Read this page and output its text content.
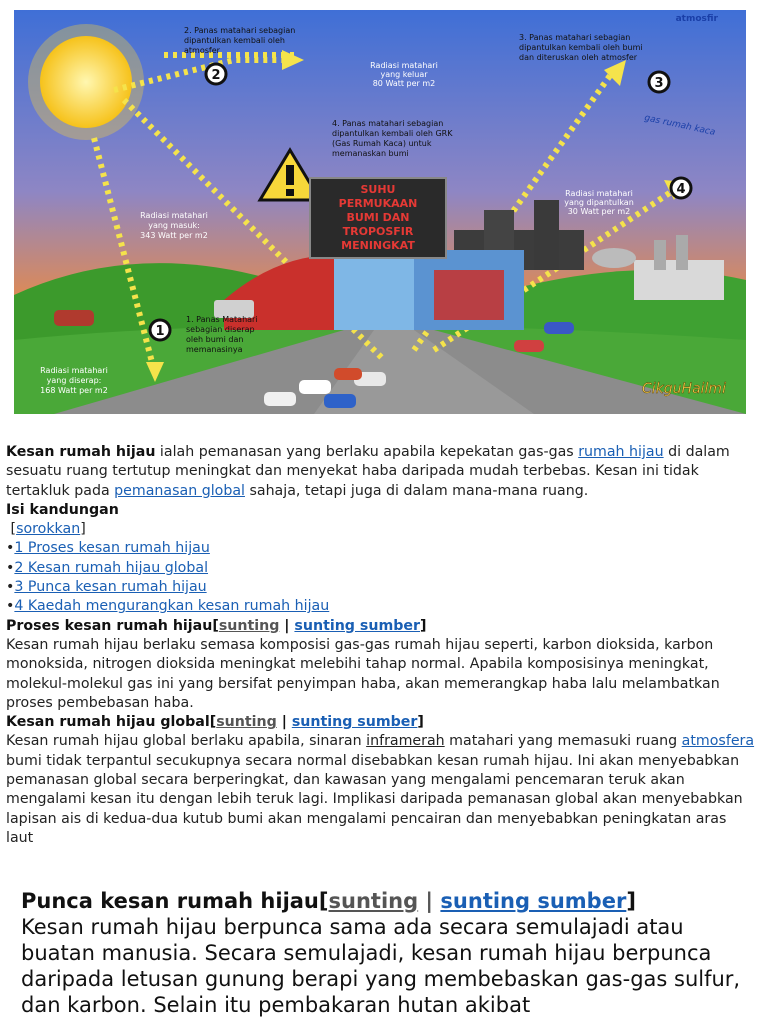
SUHU
PERMUKAAN
BUMI DAN
TROPOSFIR
MENINGKAT
2
3
4
1
atmosfir
2. Panas matahari sebagian
dipantulkan kembali oleh
atmosfer
3. Panas matahari sebagian
dipantulkan kembali oleh bumi
dan diteruskan oleh atmosfer
Radiasi matahari
yang keluar
80 Watt per m2
4. Panas matahari sebagian
dipantulkan kembali oleh GRK
(Gas Rumah Kaca) untuk
memanaskan bumi
gas rumah kaca
Radiasi matahari
yang masuk:
343 Watt per m2
Radiasi matahari
yang dipantulkan
30 Watt per m2
1. Panas Matahari
sebagian diserap
oleh bumi dan
memanasinya
Radiasi matahari
yang diserap:
168 Watt per m2	CikguHailmi

Kesan rumah hijau ialah pemanasan yang berlaku apabila kepekatan gas-gas rumah hijau di dalam sesuatu ruang tertutup meningkat dan menyekat haba daripada mudah terbebas. Kesan ini tidak tertakluk pada pemanasan global sahaja, tetapi juga di dalam mana-mana ruang.

Isi kandungan

[sorokkan]

•1 Proses kesan rumah hijau

•2 Kesan rumah hijau global

•3 Punca kesan rumah hijau

•4 Kaedah mengurangkan kesan rumah hijau

Proses kesan rumah hijau[sunting | sunting sumber]

Kesan rumah hijau berlaku semasa komposisi gas-gas rumah hijau seperti, karbon dioksida, karbon monoksida, nitrogen dioksida meningkat melebihi tahap normal. Apabila komposisinya meningkat, molekul-molekul gas ini yang bersifat penyimpan haba, akan memerangkap haba lalu melambatkan proses pembebasan haba.

Kesan rumah hijau global[sunting | sunting sumber]

Kesan rumah hijau global berlaku apabila, sinaran inframerah matahari yang memasuki ruang atmosfera bumi tidak terpantul secukupnya secara normal disebabkan kesan rumah hijau. Ini akan menyebabkan pemanasan global secara berperingkat, dan kawasan yang mengalami pencemaran teruk akan mengalami kesan itu dengan lebih teruk lagi. Implikasi daripada pemanasan global akan menyebabkan lapisan ais di kedua-dua kutub bumi akan mengalami pencairan dan menyebabkan peningkatan aras laut

Punca kesan rumah hijau[sunting | sunting sumber]

Kesan rumah hijau berpunca sama ada secara semulajadi atau buatan manusia. Secara semulajadi, kesan rumah hijau berpunca daripada letusan gunung berapi yang membebaskan gas-gas sulfur, dan karbon. Selain itu pembakaran hutan akibat
